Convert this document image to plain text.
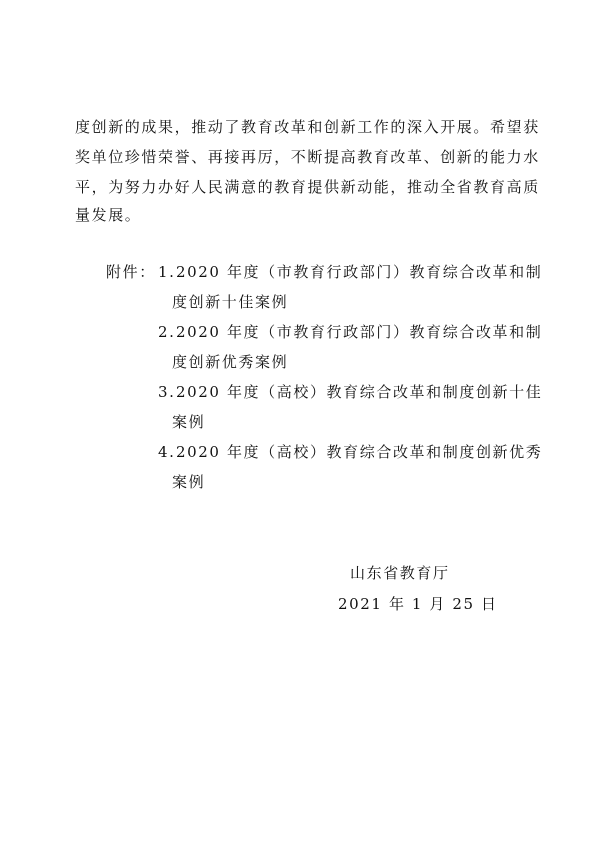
度创新的成果，推动了教育改革和创新工作的深入开展。希望获
奖单位珍惜荣誉、再接再厉，不断提高教育改革、创新的能力水
平，为努力办好人民满意的教育提供新动能，推动全省教育高质
量发展。
附件： 1. 2020 年度（市教育行政部门）教育综合改革和制
度创新十佳案例
2. 2020 年度（市教育行政部门）教育综合改革和制
度创新优秀案例
3. 2020 年度（高校）教育综合改革和制度创新十佳
案例
4. 2020 年度（高校）教育综合改革和制度创新优秀
案例
山东省教育厅
2021 年 1 月 25 日
